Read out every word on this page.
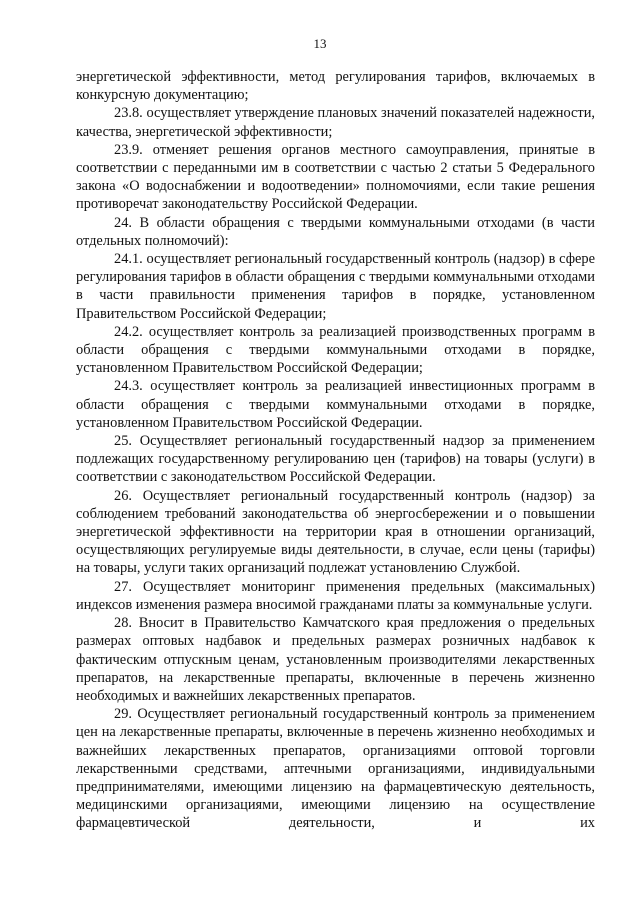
13

энергетической эффективности, метод регулирования тарифов, включаемых в конкурсную документацию;

23.8. осуществляет утверждение плановых значений показателей надежности, качества, энергетической эффективности;

23.9. отменяет решения органов местного самоуправления, принятые в соответствии с переданными им в соответствии с частью 2 статьи 5 Федерального закона «О водоснабжении и водоотведении» полномочиями, если такие решения противоречат законодательству Российской Федерации.

24. В области обращения с твердыми коммунальными отходами (в части отдельных полномочий):

24.1. осуществляет региональный государственный контроль (надзор) в сфере регулирования тарифов в области обращения с твердыми коммунальными отходами в части правильности применения тарифов в порядке, установленном Правительством Российской Федерации;

24.2. осуществляет контроль за реализацией производственных программ в области обращения с твердыми коммунальными отходами в порядке, установленном Правительством Российской Федерации;

24.3. осуществляет контроль за реализацией инвестиционных программ в области обращения с твердыми коммунальными отходами в порядке, установленном Правительством Российской Федерации.

25. Осуществляет региональный государственный надзор за применением подлежащих государственному регулированию цен (тарифов) на товары (услуги) в соответствии с законодательством Российской Федерации.

26. Осуществляет региональный государственный контроль (надзор) за соблюдением требований законодательства об энергосбережении и о повышении энергетической эффективности на территории края в отношении организаций, осуществляющих регулируемые виды деятельности, в случае, если цены (тарифы) на товары, услуги таких организаций подлежат установлению Службой.

27. Осуществляет мониторинг применения предельных (максимальных) индексов изменения размера вносимой гражданами платы за коммунальные услуги.

28. Вносит в Правительство Камчатского края предложения о предельных размерах оптовых надбавок и предельных размерах розничных надбавок к фактическим отпускным ценам, установленным производителями лекарственных препаратов, на лекарственные препараты, включенные в перечень жизненно необходимых и важнейших лекарственных препаратов.

29. Осуществляет региональный государственный контроль за применением цен на лекарственные препараты, включенные в перечень жизненно необходимых и важнейших лекарственных препаратов, организациями оптовой торговли лекарственными средствами, аптечными организациями, индивидуальными предпринимателями, имеющими лицензию на фармацевтическую деятельность, медицинскими организациями, имеющими лицензию на осуществление фармацевтической деятельности, и их
